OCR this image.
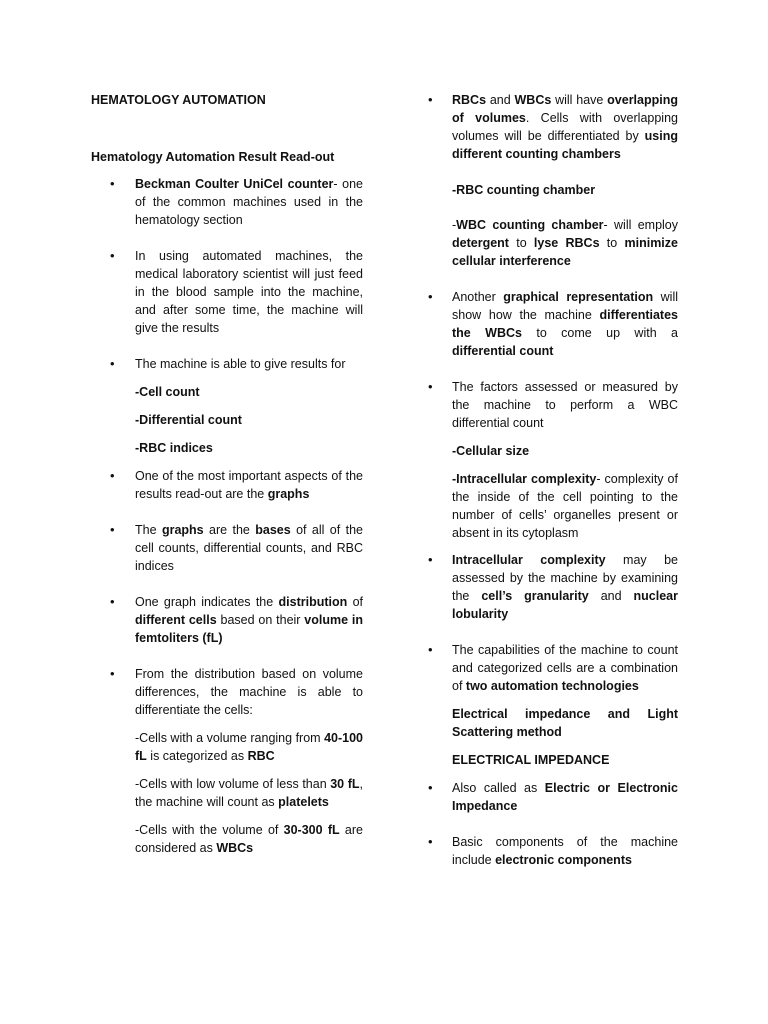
HEMATOLOGY AUTOMATION

Hematology Automation Result Read-out

• Beckman Coulter UniCel counter- one of the common machines used in the hematology section
• In using automated machines, the medical laboratory scientist will just feed in the blood sample into the machine, and after some time, the machine will give the results
• The machine is able to give results for

-Cell count

-Differential count

-RBC indices

• One of the most important aspects of the results read-out are the graphs
• The graphs are the bases of all of the cell counts, differential counts, and RBC indices
• One graph indicates the distribution of different cells based on their volume in femtoliters (fL)
• From the distribution based on volume differences, the machine is able to differentiate the cells:

-Cells with a volume ranging from 40-100 fL is categorized as RBC

-Cells with low volume of less than 30 fL, the machine will count as platelets

-Cells with the volume of 30-300 fL are considered as WBCs

• RBCs and WBCs will have overlapping of volumes. Cells with overlapping volumes will be differentiated by using different counting chambers

-RBC counting chamber

-WBC counting chamber- will employ detergent to lyse RBCs to minimize cellular interference

• Another graphical representation will show how the machine differentiates the WBCs to come up with a differential count
• The factors assessed or measured by the machine to perform a WBC differential count

-Cellular size

-Intracellular complexity- complexity of the inside of the cell pointing to the number of cells’ organelles present or absent in its cytoplasm

• Intracellular complexity may be assessed by the machine by examining the cell’s granularity and nuclear lobularity
• The capabilities of the machine to count and categorized cells are a combination of two automation technologies

Electrical impedance and Light Scattering method

ELECTRICAL IMPEDANCE

• Also called as Electric or Electronic Impedance
• Basic components of the machine include electronic components
